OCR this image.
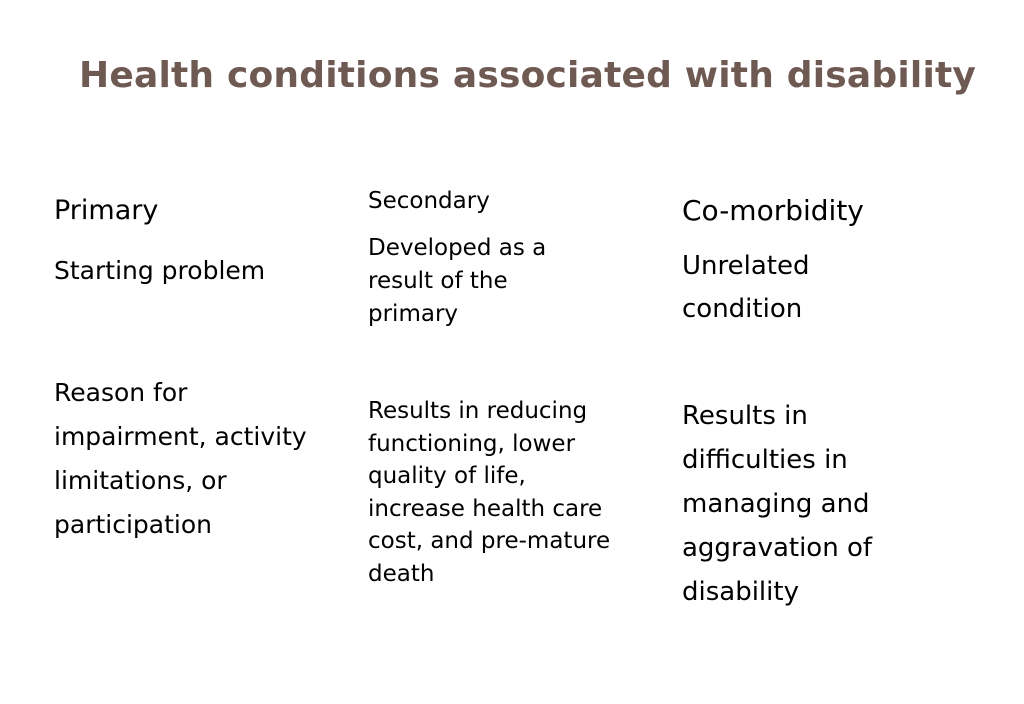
Health conditions associated with disability
Primary

Starting problem

Reason for impairment, activity limitations, or participation

Secondary

Developed as a result of the primary

Results in reducing functioning, lower quality of life, increase health care cost, and pre-mature death

Co-morbidity

Unrelated condition

Results in difficulties in managing and aggravation of disability
